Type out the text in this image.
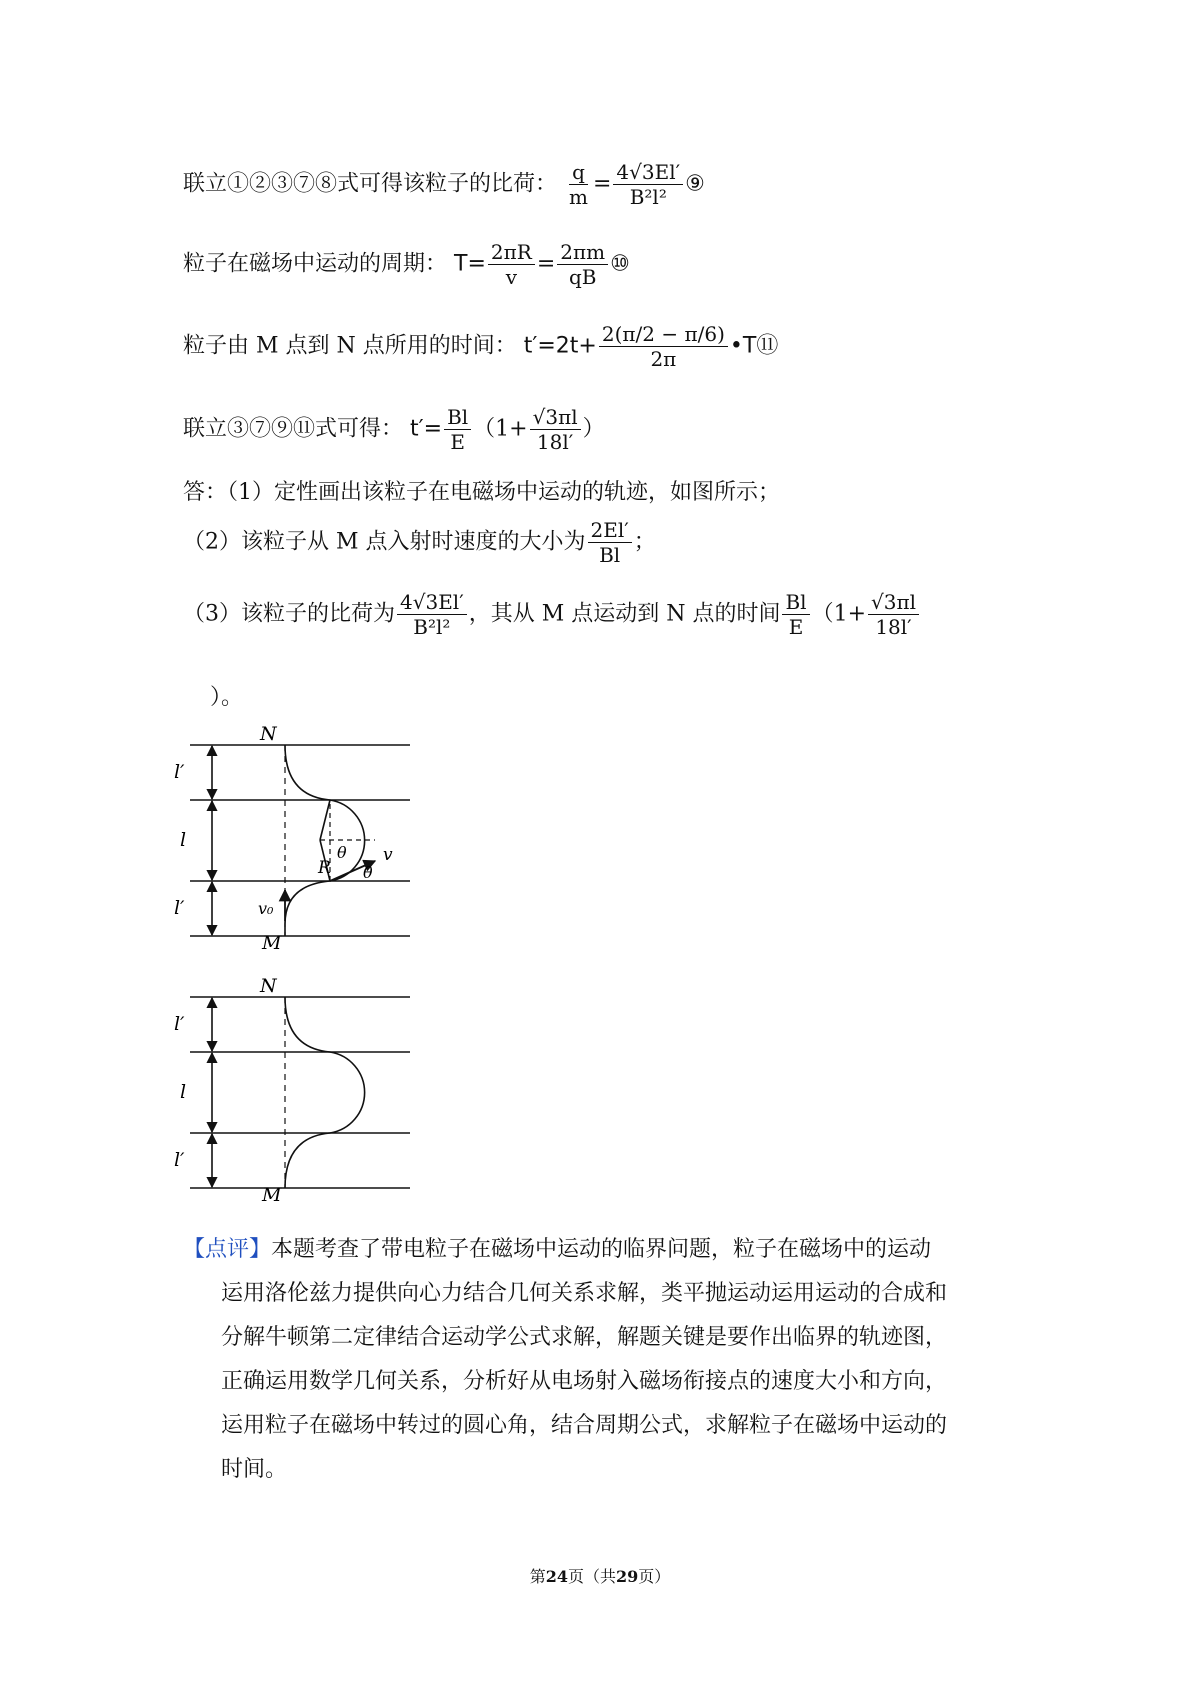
联立①②③⑦⑧式可得该粒子的比荷： $\frac{q}{m} = \frac{4√3El'}{\text{B²l²}}$ ⑨
粒子在磁场中运动的周期： $T= \frac{2\pi R}{v} = \frac{2\pi m}{qB}$ ⑩
粒子由 M 点到 N 点所用的时间： $t'=2t+ \frac{2(\pi/2 - \pi/6)}{2\pi}$ •T⑪
联立③⑦⑨⑪式可得： $t'= \frac{Bl}{E} (1+ \frac{√3\pi l}{18l'}$ ）
答：（1）定性画出该粒子在电磁场中运动的轨迹，如图所示；
（2）该粒子从 M 点入射时速度的大小为 $\frac{2El'}{Bl}$ ；
（3）该粒子的比荷为 $\frac{4√3El'}{\text{B²l²}}$ ，其从 M 点运动到 N 点的时间 $\frac{Bl}{E} (1+ \frac{√3\pi l}{18l'}$
）。
N
M
l′
l
l′
R
θ
θ
v
v₀
N
M
l′
l
l′
【点评】本题考查了带电粒子在磁场中运动的临界问题，粒子在磁场中的运动
运用洛伦兹力提供向心力结合几何关系求解，类平抛运动运用运动的合成和
分解牛顿第二定律结合运动学公式求解，解题关键是要作出临界的轨迹图，
正确运用数学几何关系，分析好从电场射入磁场衔接点的速度大小和方向，
运用粒子在磁场中转过的圆心角，结合周期公式，求解粒子在磁场中运动的
时间。
第24页（共29页）
